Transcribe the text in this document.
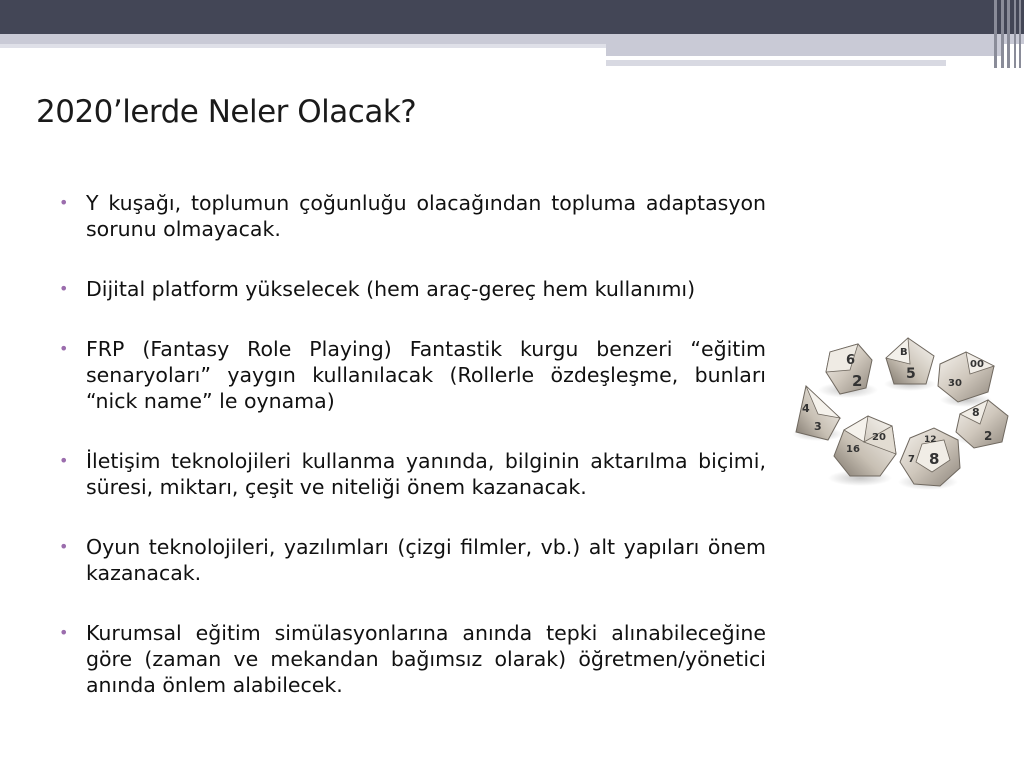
2020’lerde Neler Olacak?
• Y kuşağı, toplumun çoğunluğu olacağından topluma adaptasyon sorunu olmayacak.
• Dijital platform yükselecek (hem araç-gereç hem kullanımı)
• FRP (Fantasy Role Playing) Fantastik kurgu benzeri “eğitim senaryoları” yaygın kullanılacak (Rollerle özdeşleşme, bunları “nick name” le oynama)
• İletişim teknolojileri kullanma yanında, bilginin aktarılma biçimi, süresi, miktarı, çeşit ve niteliği önem kazanacak.
• Oyun teknolojileri, yazılımları (çizgi filmler, vb.) alt yapıları önem kazanacak.
• Kurumsal eğitim simülasyonlarına anında tepki alınabileceğine göre (zaman ve mekandan bağımsız olarak) öğretmen/yönetici anında önlem alabilecek.
6
2
B
5
00
30
4
3
8
2
16
20	12
8
7
